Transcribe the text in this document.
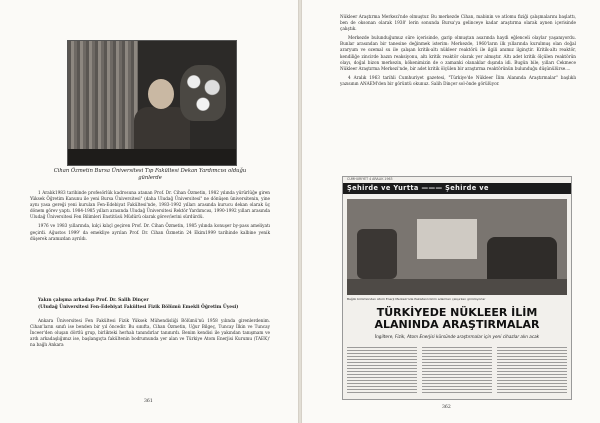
Cihan Özmetin Bursa Üniversitesi Tıp Fakültesi Dekan Yardımcısı olduğu günlerde

1 Aralık1983 tarihinde profesörlük kadrosuna atanan Prof. Dr. Cihan Özmetin, 1982 yılında yürürlüğe giren Yüksek Öğretim Kanunu ile yeni Bursa Üniversitesi" (daha Uludağ Üniversitesi" ne dönüşen üniversitenin, yine aynı yasa gereği yeni kurulan Fen-Edebiyat Fakültesi'nde, 1983-1992 yılları arasında kurucu dekan olarak üç dönem görev yaptı. 1984-1985 yılları arasında Uludağ Üniversitesi Rektör Yardımcısı, 1990-1992 yılları arasında Uludağ Üniversitesi Fen Bilimleri Enstitüsü Müdürü olarak görev/ierini sürdürdü.

1976 ve 1983 yıllarında, kılçi kılıçl geçiren Prof. Dr. Cihan Özmetin, 1985 yılında konuşer by-pass ameliyatı geçirdi. Ağustos 1999' da emekliye ayrılan Prof. Dr. Cihan Özmetin 24 Ekim1999 tarihinde kalbine yenik düşerek aramızdan ayrıldı.

Yakın çalışma arkadaşı Prof. Dr. Salih Dinçer
(Uludağ Üniversitesi Fen-Edebiyat Fakültesi Fizik Bölümü Emekli Öğretim Üyesi)

Ankara Üniversitesi Fen Fakültesi Fizik Yüksek Mühendisliği Bölümü'nü 1958 yılında girenlerdenim. Cihan'ların sınıfı ise benden bir yıl öncedir. Bu sınıfta, Cihan Özmetin, Uğur Bilgeç, Tuncay İlkin ve Tuncay İnceer'den oluşan dörtlü grup, birlikteki herhalı tanındırlar tanınırdı. Benim kendisi ile yakından tanışmam ve ardı arkadaşlığımız ise, başlangıçta fakültenin bodrumunda yer alan ve Türkiye Atom Enerjisi Kurumu (TAEK)' na bağlı Ankara

361

Nükleer Araştırma Merkezi'nde olmuştur. Bu merkezde Cihan, mabinin ve atlomu fiziği çalışmalarını başlattı, ben de oksonan olarak 1938' lerin sonunda Bursa'ya gelinceye kadar araştırma olarak aynen içerisinde çalıştık.

Merkezde bulunduğumuz süre içerisinde, garip olmuştan asarında haydi eğlenceli olaylar yaşanıyordu. Bunlar arasından bir tanesine değinmek isterim: Merkezde, 1960'ların ilk yıllarında kurulmuş olan doğal araryum ve ozemal su ile çalışan kritik-altı nükleer reaktörü ile ilgili anımız ilginçtir. Kritik-altı reaktör, kendiliğe zincirde bazın reaksiyonu, altı kritik reaktör olarak yer almıştır. Altı adet kritik ölçülen reaktörün olayı, doğal bizon merkezin, kökenimizin de o zamanki olanaklar dışında idi. Bugün bile, yılları Cekmece Nükleer Araştırma Merkezi'nde, bir adet kritik ölçülen bir araştırma reaktörünün bulunduğu düşünülürse....

4 Aralık 1963 tarihli Cumhuriyet gazetesi, "Türkiye'de Nükleer İlim Alanında Araştırmalar" başlıklı yazısının ANAEM'den bir görüntü okunuz. Salih Dinçer sol-önde görülüyor.

CUMHURİYET 4 ARALIK 1963
Şehirde ve Yurtta ——— Şehirde ve
Bağlık bölümünden Atom Enerji Merkezi'nde Pakistanlı bilim adamları çalışırken görülüyorlar
TÜRKİYEDE NÜKLEER İLİM ALANINDA ARAŞTIRMALAR
İngiltere, Fizik, Atom Enerjisi kürsünde araştırmalar için yeni cihazlar alın acak
362
